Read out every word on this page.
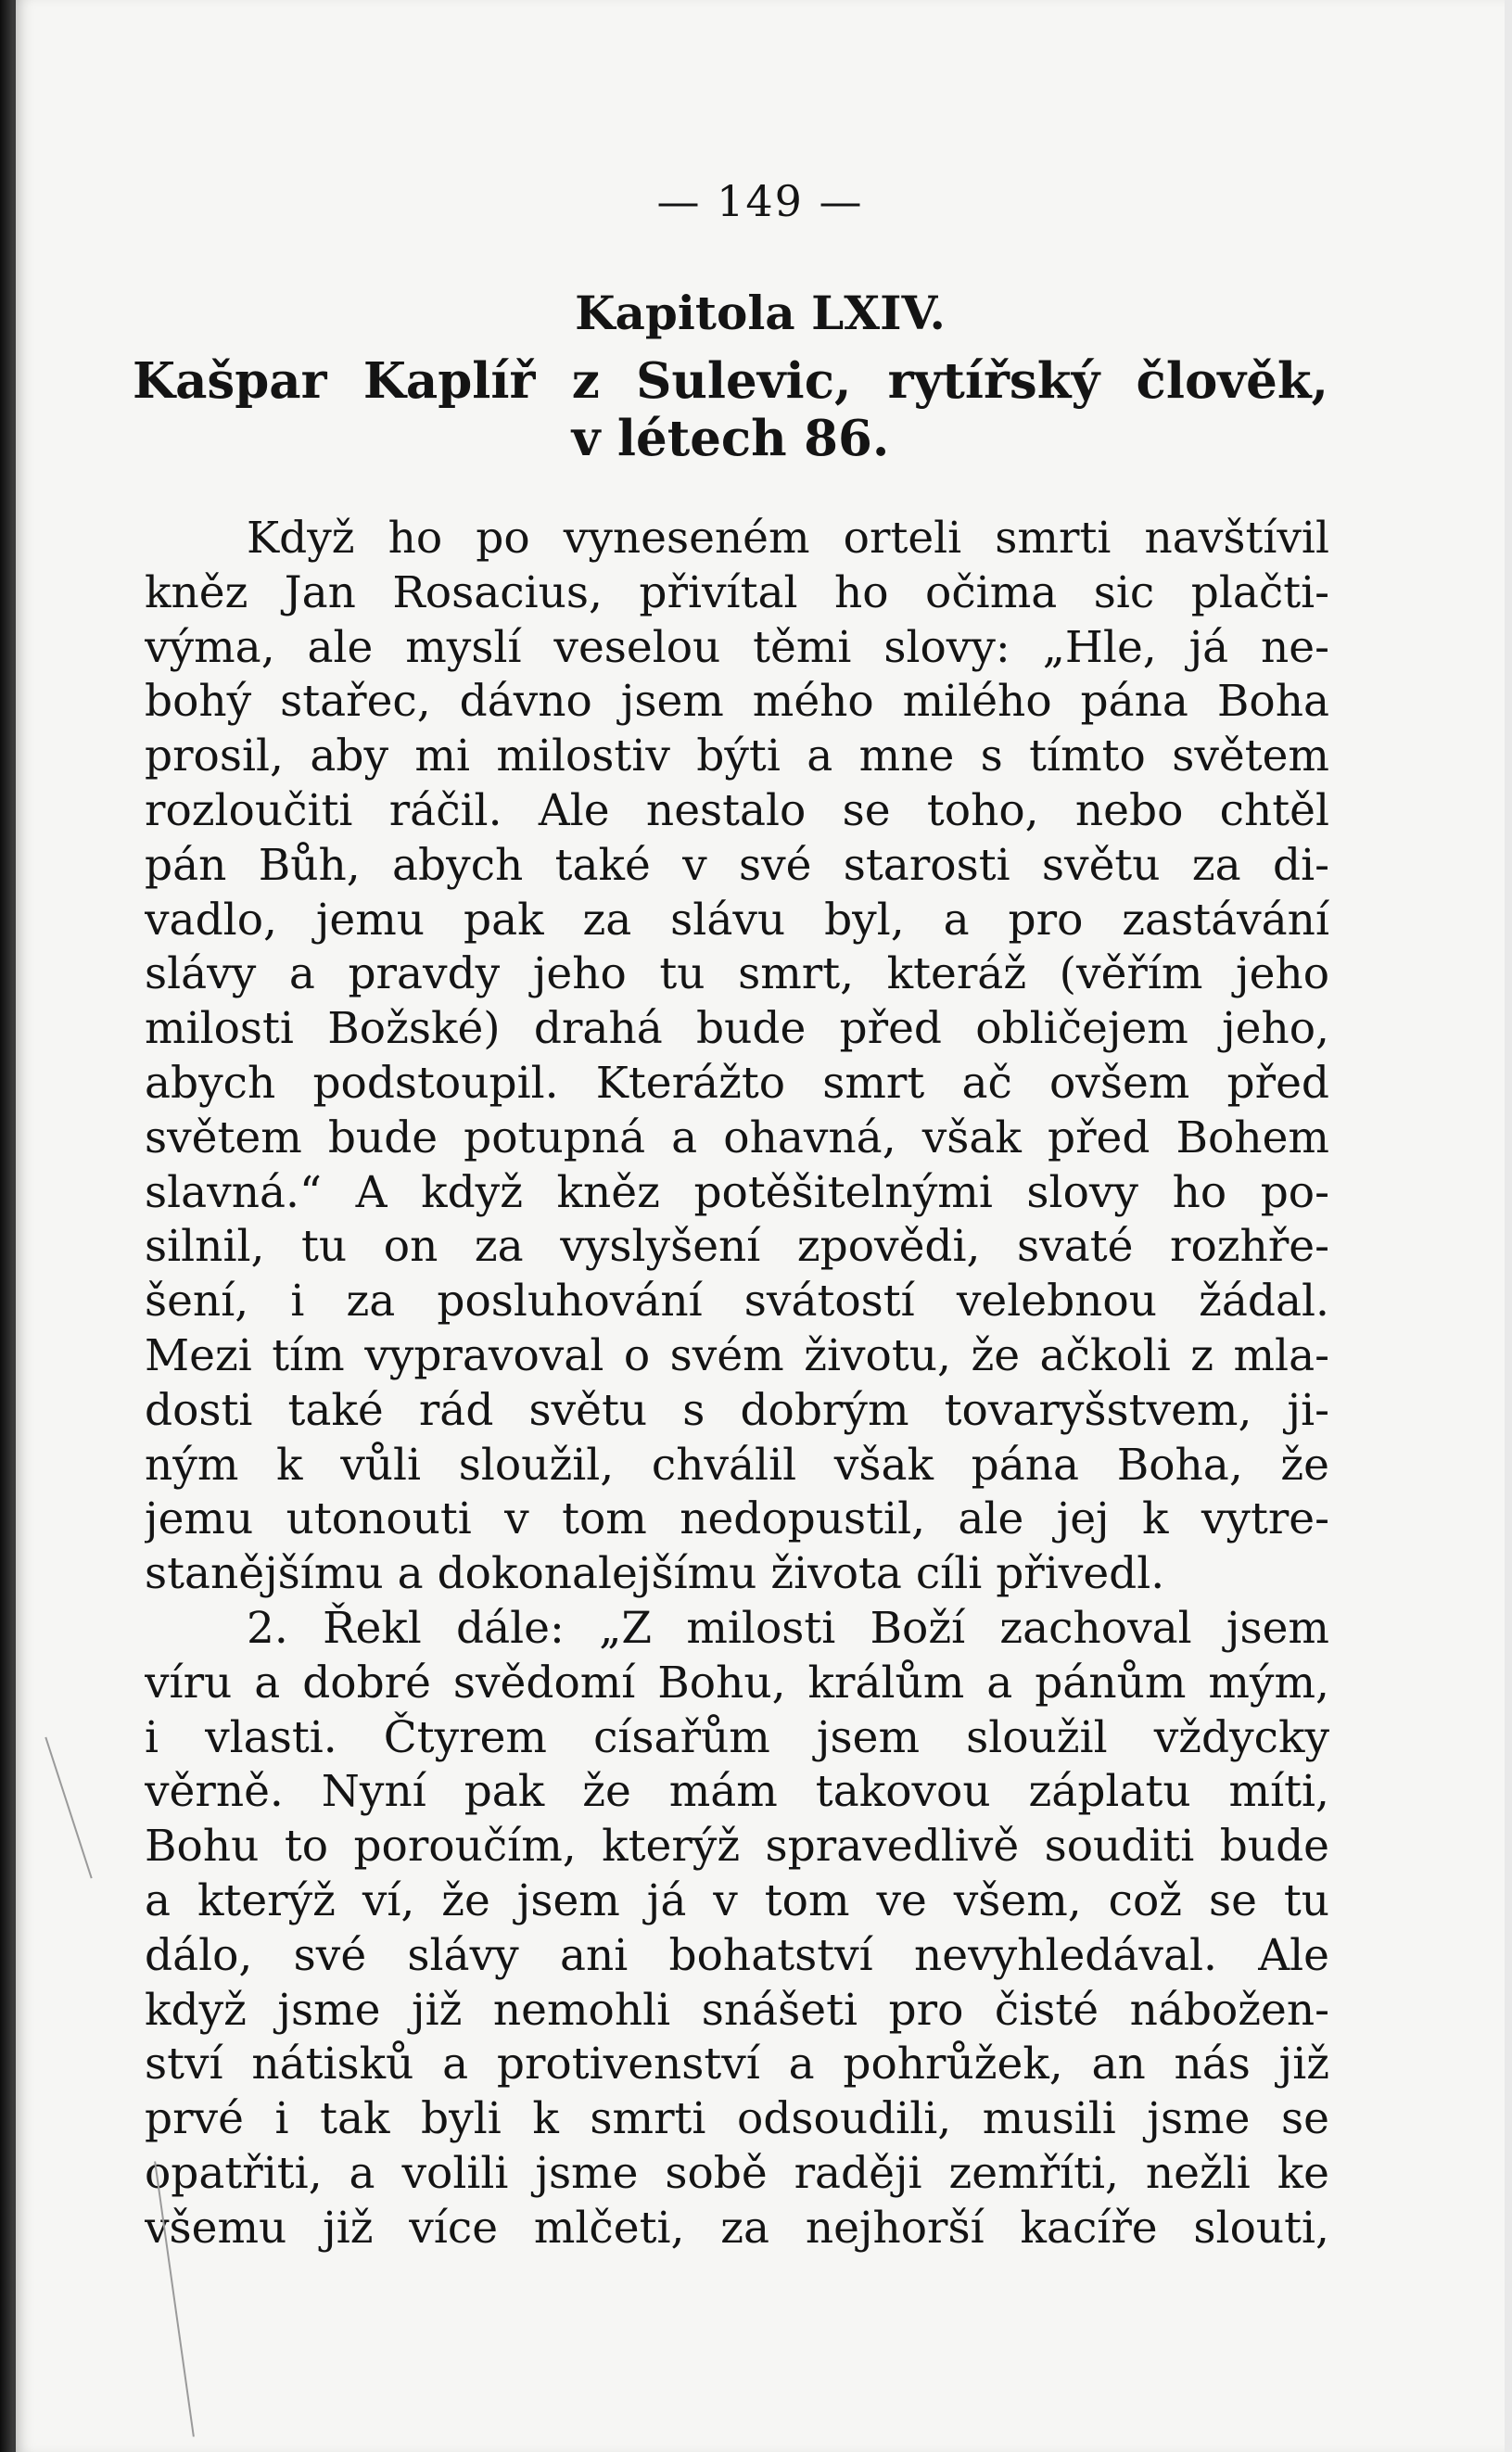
— 149 —
Kapitola LXIV.
Kašpar Kaplíř z Sulevic, rytířský člověk,
v létech 86.
Když ho po vyneseném orteli smrti navštívil
kněz Jan Rosacius, přivítal ho očima sic plačti-
výma, ale myslí veselou těmi slovy: „Hle, já ne-
bohý stařec, dávno jsem mého milého pána Boha
prosil, aby mi milostiv býti a mne s tímto světem
rozloučiti ráčil. Ale nestalo se toho, nebo chtěl
pán Bůh, abych také v své starosti světu za di-
vadlo, jemu pak za slávu byl, a pro zastávání
slávy a pravdy jeho tu smrt, kteráž (věřím jeho
milosti Božské) drahá bude před obličejem jeho,
abych podstoupil. Kterážto smrt ač ovšem před
světem bude potupná a ohavná, však před Bohem
slavná.“ A když kněz potěšitelnými slovy ho po-
silnil, tu on za vyslyšení zpovědi, svaté rozhře-
šení, i za posluhování svátostí velebnou žádal.
Mezi tím vypravoval o svém životu, že ačkoli z mla-
dosti také rád světu s dobrým tovaryšstvem, ji-
ným k vůli sloužil, chválil však pána Boha, že
jemu utonouti v tom nedopustil, ale jej k vytre-
stanějšímu a dokonalejšímu života cíli přivedl.
2. Řekl dále: „Z milosti Boží zachoval jsem
víru a dobré svědomí Bohu, králům a pánům mým,
i vlasti. Čtyrem císařům jsem sloužil vždycky
věrně. Nyní pak že mám takovou záplatu míti,
Bohu to poroučím, kterýž spravedlivě souditi bude
a kterýž ví, že jsem já v tom ve všem, což se tu
dálo, své slávy ani bohatství nevyhledával. Ale
když jsme již nemohli snášeti pro čisté nábožen-
ství nátisků a protivenství a pohrůžek, an nás již
prvé i tak byli k smrti odsoudili, musili jsme se
opatřiti, a volili jsme sobě raději zemříti, nežli ke
všemu již více mlčeti, za nejhorší kacíře slouti,
